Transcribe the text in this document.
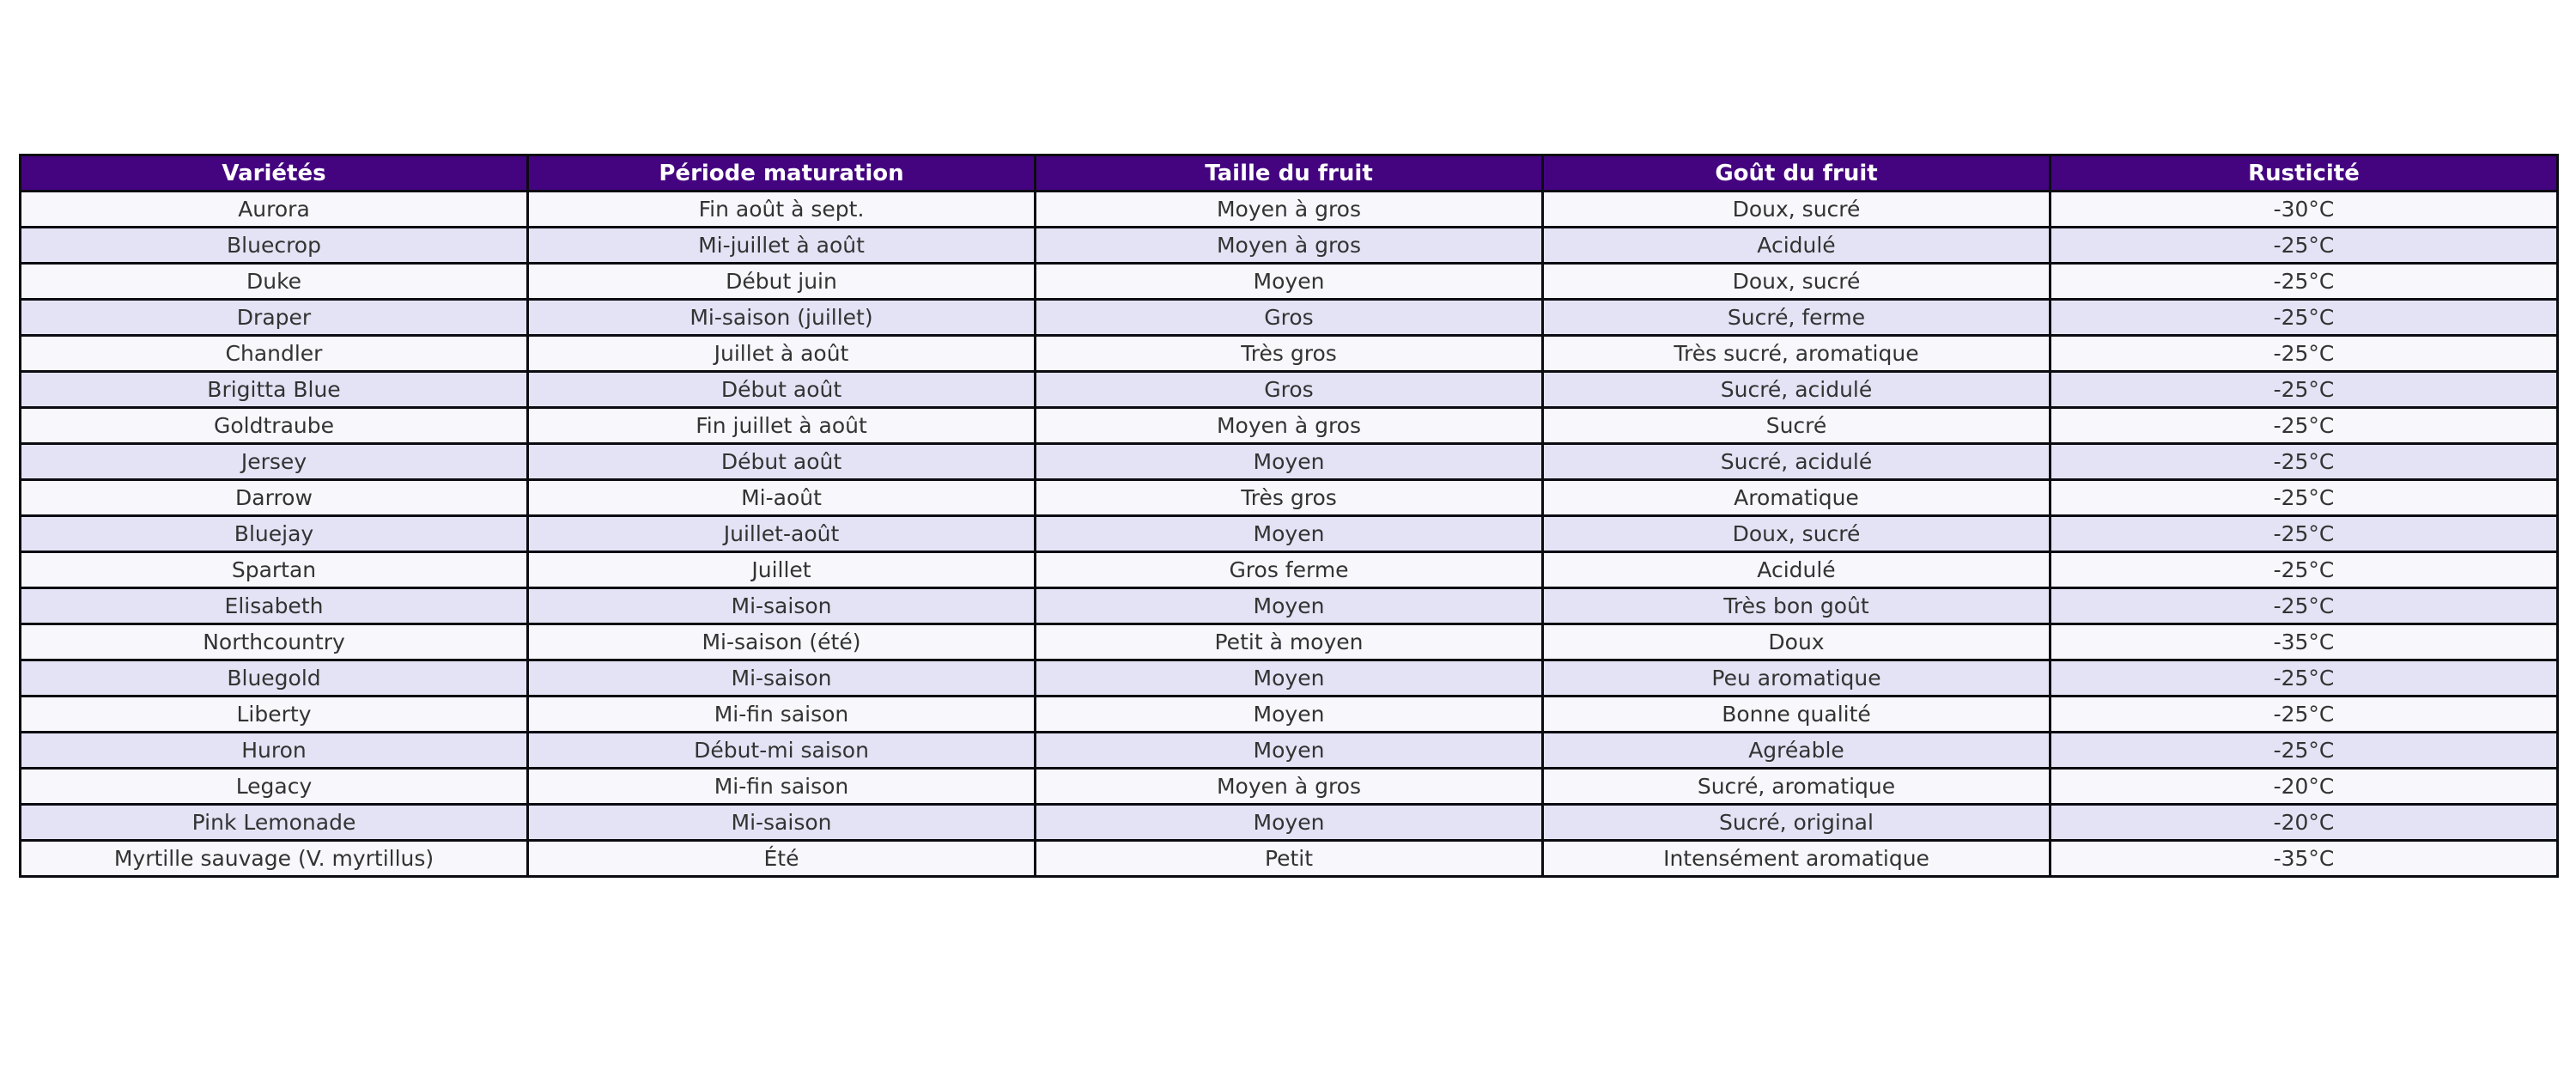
Variétés	Période maturation	Taille du fruit	Goût du fruit	Rusticité
Aurora	Fin août à sept.	Moyen à gros	Doux, sucré	-30°C
Bluecrop	Mi-juillet à août	Moyen à gros	Acidulé	-25°C
Duke	Début juin	Moyen	Doux, sucré	-25°C
Draper	Mi-saison (juillet)	Gros	Sucré, ferme	-25°C
Chandler	Juillet à août	Très gros	Très sucré, aromatique	-25°C
Brigitta Blue	Début août	Gros	Sucré, acidulé	-25°C
Goldtraube	Fin juillet à août	Moyen à gros	Sucré	-25°C
Jersey	Début août	Moyen	Sucré, acidulé	-25°C
Darrow	Mi-août	Très gros	Aromatique	-25°C
Bluejay	Juillet-août	Moyen	Doux, sucré	-25°C
Spartan	Juillet	Gros ferme	Acidulé	-25°C
Elisabeth	Mi-saison	Moyen	Très bon goût	-25°C
Northcountry	Mi-saison (été)	Petit à moyen	Doux	-35°C
Bluegold	Mi-saison	Moyen	Peu aromatique	-25°C
Liberty	Mi-fin saison	Moyen	Bonne qualité	-25°C
Huron	Début-mi saison	Moyen	Agréable	-25°C
Legacy	Mi-fin saison	Moyen à gros	Sucré, aromatique	-20°C
Pink Lemonade	Mi-saison	Moyen	Sucré, original	-20°C
Myrtille sauvage (V. myrtillus)	Été	Petit	Intensément aromatique	-35°C
